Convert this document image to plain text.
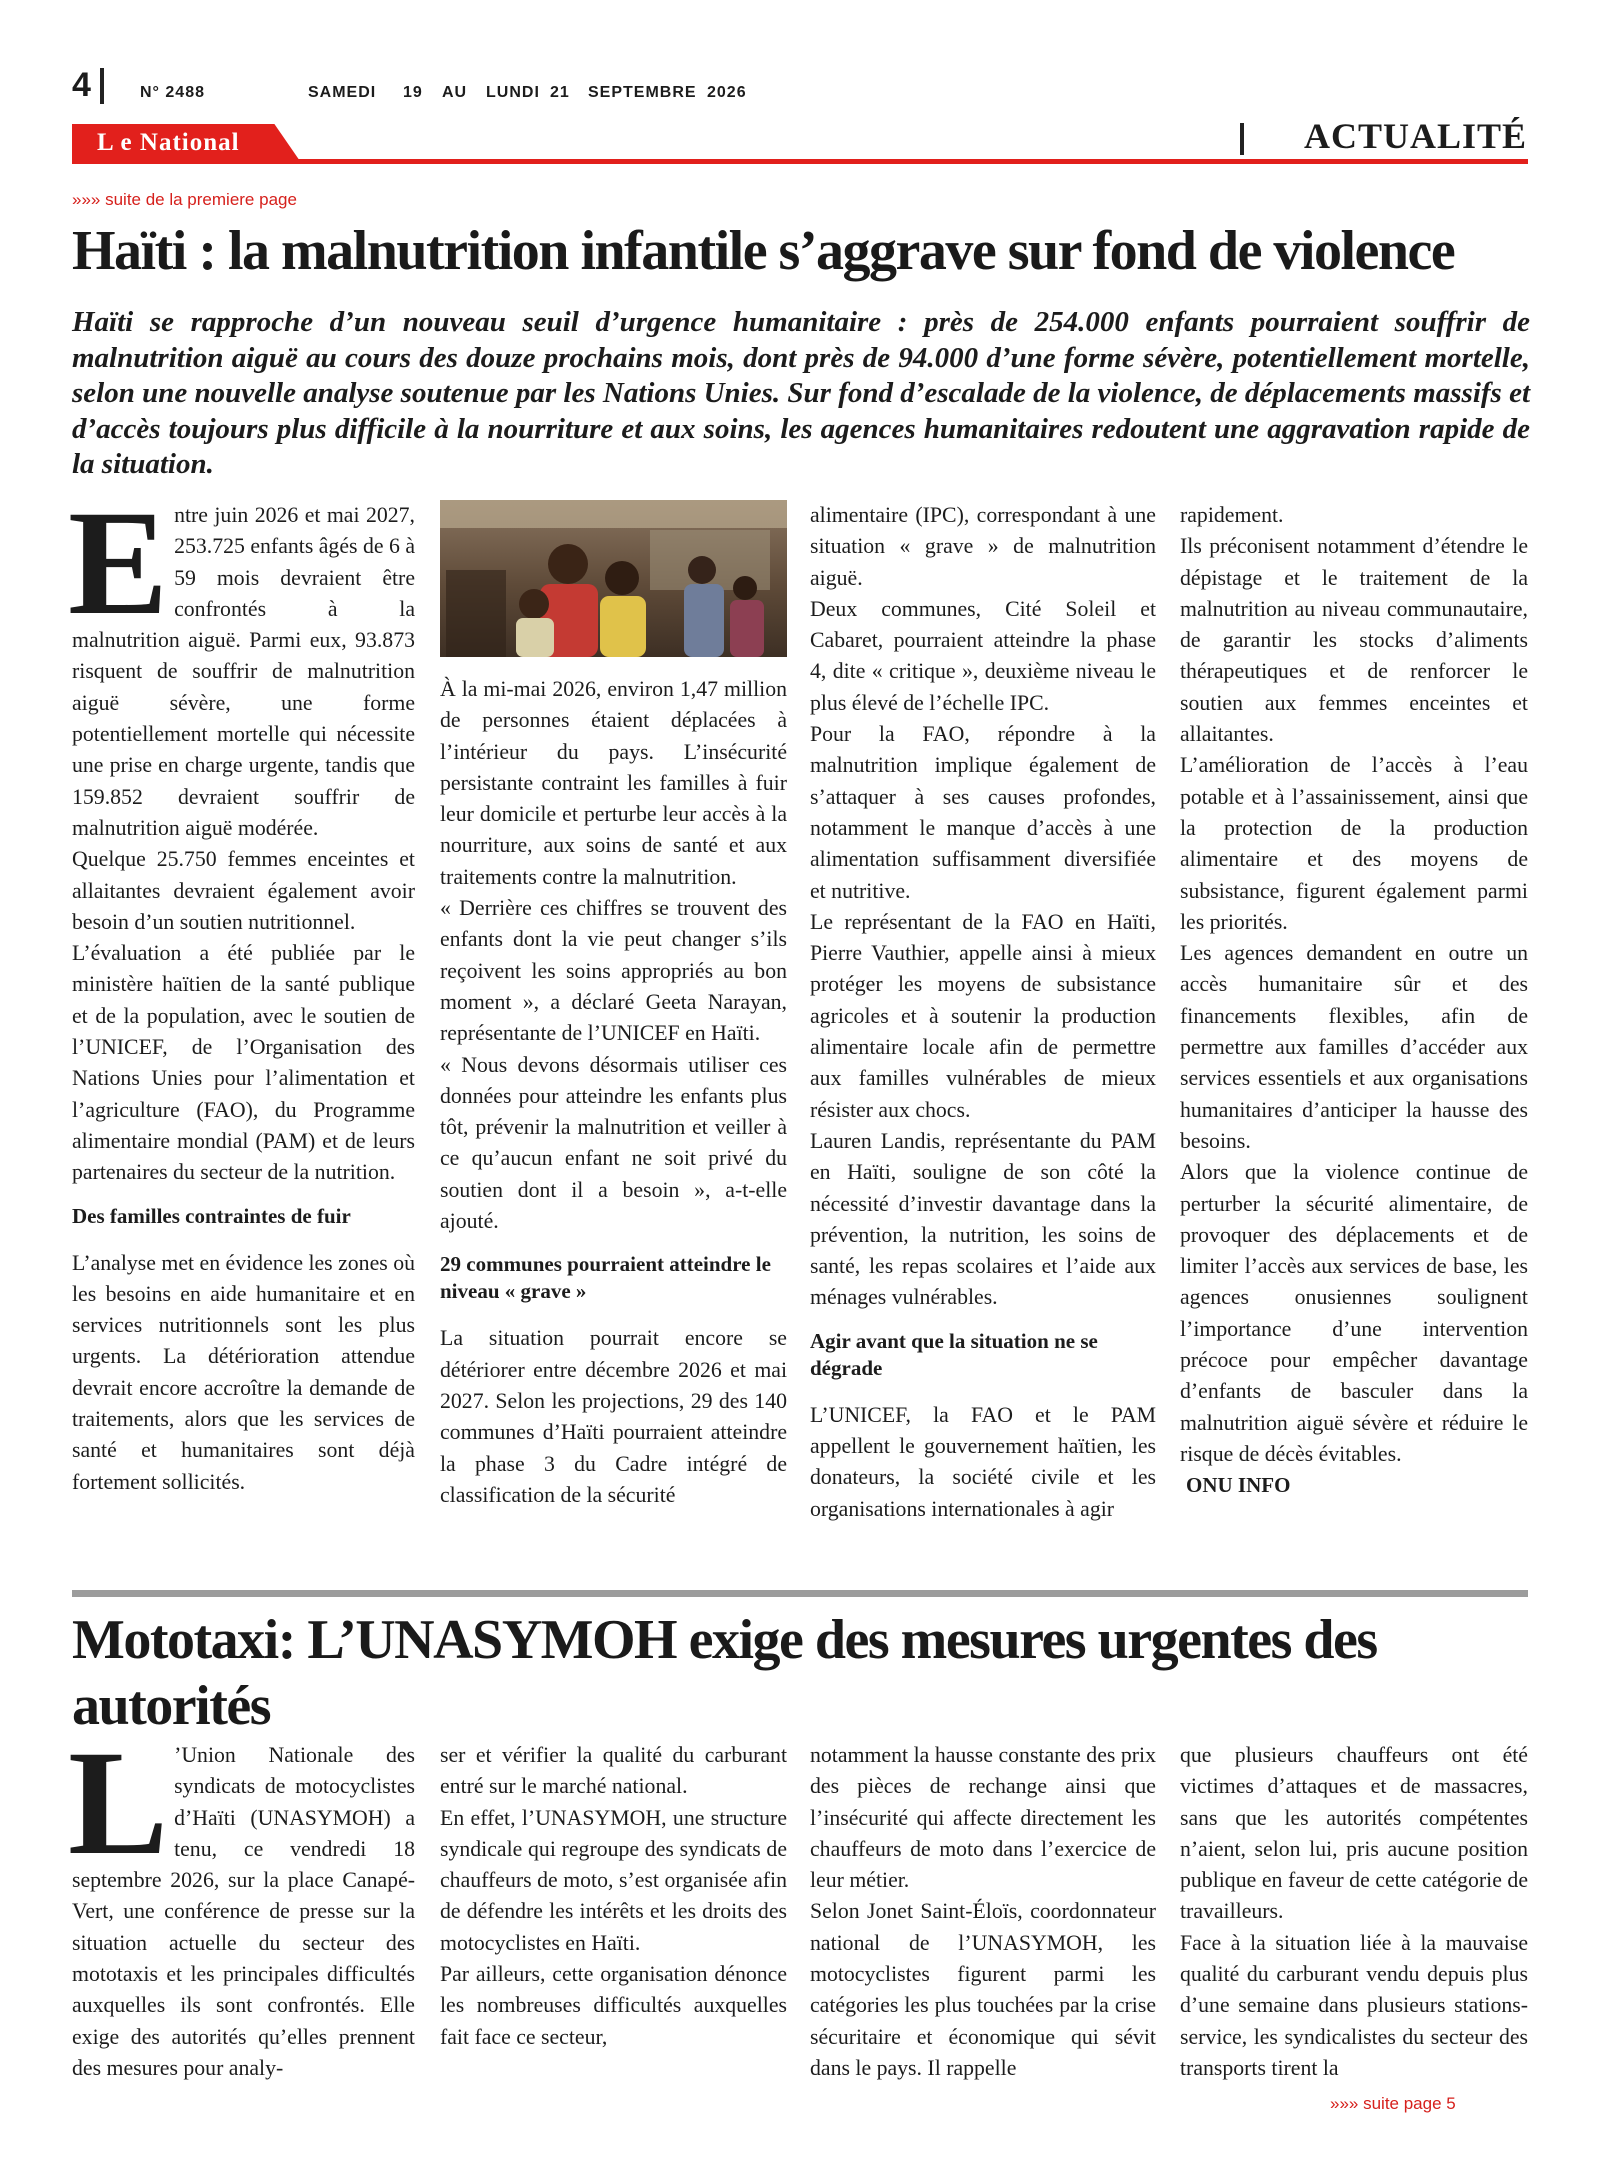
4	N° 2488	SAMEDI 19 AU LUNDI 21 SEPTEMBRE 2026
L e National	ACTUALITÉ
»»» suite de la premiere page
Haïti : la malnutrition infantile s’aggrave sur fond de violence
Haïti se rapproche d’un nouveau seuil d’urgence humanitaire : près de 254.000 enfants pourraient souffrir de malnutrition aiguë au cours des douze prochains mois, dont près de 94.000 d’une forme sévère, potentiellement mortelle, selon une nouvelle analyse soutenue par les Nations Unies. Sur fond d’escalade de la violence, de déplacements massifs et d’accès toujours plus difficile à la nourriture et aux soins, les agences humanitaires redoutent une aggravation rapide de la situation.
E ntre juin 2026 et mai 2027, 253.725 enfants âgés de 6 à 59 mois devraient être confrontés à la malnutrition aiguë. Parmi eux, 93.873 risquent de souffrir de malnutrition aiguë sévère, une forme potentiellement mortelle qui nécessite une prise en charge urgente, tandis que 159.852 devraient souffrir de malnutrition aiguë modérée.

Quelque 25.750 femmes enceintes et allaitantes devraient également avoir besoin d’un soutien nutritionnel.

L’évaluation a été publiée par le ministère haïtien de la santé publique et de la population, avec le soutien de l’UNICEF, de l’Organisation des Nations Unies pour l’alimentation et l’agriculture (FAO), du Programme alimentaire mondial (PAM) et de leurs partenaires du secteur de la nutrition.

Des familles contraintes de fuir

L’analyse met en évidence les zones où les besoins en aide humanitaire et en services nutritionnels sont les plus urgents. La détérioration attendue devrait encore accroître la demande de traitements, alors que les services de santé et humanitaires sont déjà fortement sollicités.

À la mi-mai 2026, environ 1,47 million de personnes étaient déplacées à l’intérieur du pays. L’insécurité persistante contraint les familles à fuir leur domicile et perturbe leur accès à la nourriture, aux soins de santé et aux traitements contre la malnutrition.

« Derrière ces chiffres se trouvent des enfants dont la vie peut changer s’ils reçoivent les soins appropriés au bon moment », a déclaré Geeta Narayan, représentante de l’UNICEF en Haïti.

« Nous devons désormais utiliser ces données pour atteindre les enfants plus tôt, prévenir la malnutrition et veiller à ce qu’aucun enfant ne soit privé du soutien dont il a besoin », a-t-elle ajouté.

29 communes pourraient atteindre le niveau « grave »

La situation pourrait encore se détériorer entre décembre 2026 et mai 2027. Selon les projections, 29 des 140 communes d’Haïti pourraient atteindre la phase 3 du Cadre intégré de classification de la sécurité

alimentaire (IPC), correspondant à une situation « grave » de malnutrition aiguë.

Deux communes, Cité Soleil et Cabaret, pourraient atteindre la phase 4, dite « critique », deuxième niveau le plus élevé de l’échelle IPC.

Pour la FAO, répondre à la malnutrition implique également de s’attaquer à ses causes profondes, notamment le manque d’accès à une alimentation suffisamment diversifiée et nutritive.

Le représentant de la FAO en Haïti, Pierre Vauthier, appelle ainsi à mieux protéger les moyens de subsistance agricoles et à soutenir la production alimentaire locale afin de permettre aux familles vulnérables de mieux résister aux chocs.

Lauren Landis, représentante du PAM en Haïti, souligne de son côté la nécessité d’investir davantage dans la prévention, la nutrition, les soins de santé, les repas scolaires et l’aide aux ménages vulnérables.

Agir avant que la situation ne se dégrade

L’UNICEF, la FAO et le PAM appellent le gouvernement haïtien, les donateurs, la société civile et les organisations internationales à agir

rapidement.

Ils préconisent notamment d’étendre le dépistage et le traitement de la malnutrition au niveau communautaire, de garantir les stocks d’aliments thérapeutiques et de renforcer le soutien aux femmes enceintes et allaitantes.

L’amélioration de l’accès à l’eau potable et à l’assainissement, ainsi que la protection de la production alimentaire et des moyens de subsistance, figurent également parmi les priorités.

Les agences demandent en outre un accès humanitaire sûr et des financements flexibles, afin de permettre aux familles d’accéder aux services essentiels et aux organisations humanitaires d’anticiper la hausse des besoins.

Alors que la violence continue de perturber la sécurité alimentaire, de provoquer des déplacements et de limiter l’accès aux services de base, les agences onusiennes soulignent l’importance d’une intervention précoce pour empêcher davantage d’enfants de basculer dans la malnutrition aiguë sévère et réduire le risque de décès évitables.

ONU INFO

Mototaxi: L’UNASYMOH exige des mesures urgentes des autorités
L ’Union Nationale des syndicats de motocyclistes d’Haïti (UNASYMOH) a tenu, ce vendredi 18 septembre 2026, sur la place Canapé-Vert, une conférence de presse sur la situation actuelle du secteur des mototaxis et les principales difficultés auxquelles ils sont confrontés. Elle exige des autorités qu’elles prennent des mesures pour analy-

ser et vérifier la qualité du carburant entré sur le marché national.

En effet, l’UNASYMOH, une structure syndicale qui regroupe des syndicats de chauffeurs de moto, s’est organisée afin de défendre les intérêts et les droits des motocyclistes en Haïti.

Par ailleurs, cette organisation dénonce les nombreuses difficultés auxquelles fait face ce secteur,

notamment la hausse constante des prix des pièces de rechange ainsi que l’insécurité qui affecte directement les chauffeurs de moto dans l’exercice de leur métier.

Selon Jonet Saint-Éloïs, coordonnateur national de l’UNASYMOH, les motocyclistes figurent parmi les catégories les plus touchées par la crise sécuritaire et économique qui sévit dans le pays. Il rappelle

que plusieurs chauffeurs ont été victimes d’attaques et de massacres, sans que les autorités compétentes n’aient, selon lui, pris aucune position publique en faveur de cette catégorie de travailleurs.

Face à la situation liée à la mauvaise qualité du carburant vendu depuis plus d’une semaine dans plusieurs stations-service, les syndicalistes du secteur des transports tirent la

»»» suite page 5
